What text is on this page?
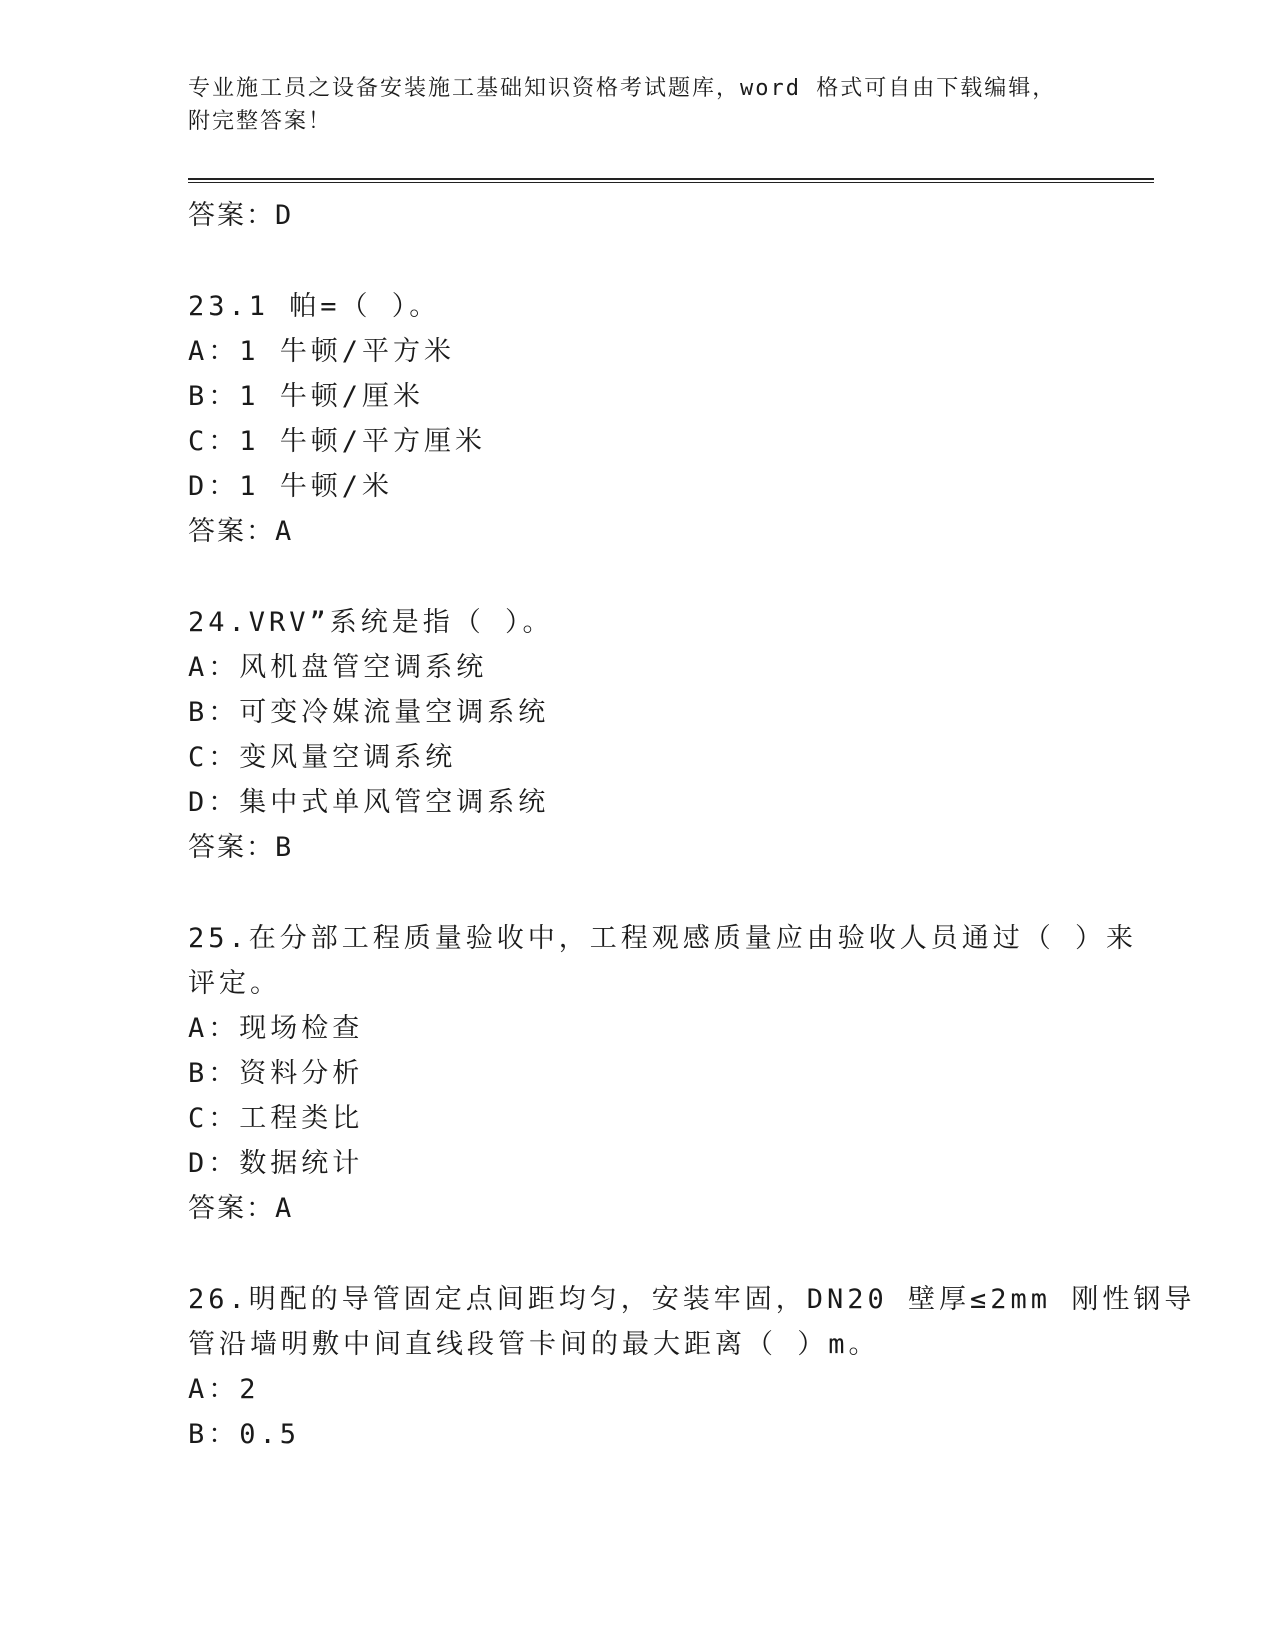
专业施工员之设备安装施工基础知识资格考试题库，word 格式可自由下载编辑，
附完整答案！
答案：D
23.1 帕=（ ）。
A：1 牛顿/平方米
B：1 牛顿/厘米
C：1 牛顿/平方厘米
D：1 牛顿/米
答案：A
24.VRV”系统是指（ ）。
A：风机盘管空调系统
B：可变冷媒流量空调系统
C：变风量空调系统
D：集中式单风管空调系统
答案：B
25.在分部工程质量验收中，工程观感质量应由验收人员通过（ ）来
评定。
A：现场检查
B：资料分析
C：工程类比
D：数据统计
答案：A
26.明配的导管固定点间距均匀，安装牢固，DN20 壁厚≤2mm 刚性钢导
管沿墙明敷中间直线段管卡间的最大距离（ ）m。
A：2
B：0.5
